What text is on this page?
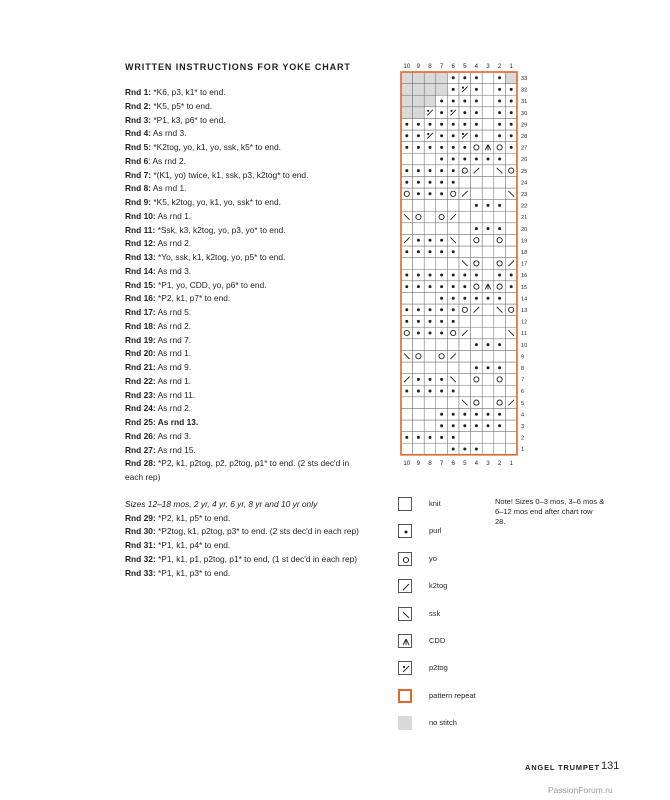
WRITTEN INSTRUCTIONS FOR YOKE CHART
Rnd 1: *K6, p3, k1* to end.
Rnd 2: *K5, p5* to end.
Rnd 3: *P1, k3, p6* to end.
Rnd 4: As rnd 3.
Rnd 5: *K2tog, yo, k1, yo, ssk, k5* to end.
Rnd 6: As rnd 2.
Rnd 7: *(K1, yo) twice, k1, ssk, p3, k2tog* to end.
Rnd 8: As rnd 1.
Rnd 9: *K5, k2tog, yo, k1, yo, ssk* to end.
Rnd 10: As rnd 1.
Rnd 11: *Ssk, k3, k2tog, yo, p3, yo* to end.
Rnd 12: As rnd 2.
Rnd 13: *Yo, ssk, k1, k2tog, yo, p5* to end.
Rnd 14: As rnd 3.
Rnd 15: *P1, yo, CDD, yo, p6* to end.
Rnd 16: *P2, k1, p7* to end.
Rnd 17: As rnd 5.
Rnd 18: As rnd 2.
Rnd 19: As rnd 7.
Rnd 20: As rnd 1.
Rnd 21: As rnd 9.
Rnd 22: As rnd 1.
Rnd 23: As rnd 11.
Rnd 24: As rnd 2.
Rnd 25: As rnd 13.
Rnd 26: As rnd 3.
Rnd 27: As rnd 15.
Rnd 28: *P2, k1, p2tog, p2, p2tog, p1* to end. (2 sts dec'd in each rep)
Sizes 12–18 mos, 2 yr, 4 yr, 6 yr, 8 yr and 10 yr only
Rnd 29: *P2, k1, p5* to end.
Rnd 30: *P2tog, k1, p2tog, p3* to end. (2 sts dec'd in each rep)
Rnd 31: *P1, k1, p4* to end.
Rnd 32: *P1, k1, p1, p2tog, p1* to end, (1 st dec'd in each rep)
Rnd 33: *P1, k1, p3* to end.
10
10
9
9
8
8
7
7
6
6
5
5
4
4
3
3
2
2
1
1
1
2
3
4
5
6
7
8
9
10
11
12
13
14
15
16
17
18
19
20
21
22
23
24
25
26
27
28
29
30
31
32
33
knit
purl
yo
k2tog
ssk
CDD
p2tog
pattern repeat
no stitch
Note! Sizes 0–3 mos, 3–6 mos & 6–12 mos end after chart row 28.
ANGEL TRUMPET 131
PassionForum.ru
